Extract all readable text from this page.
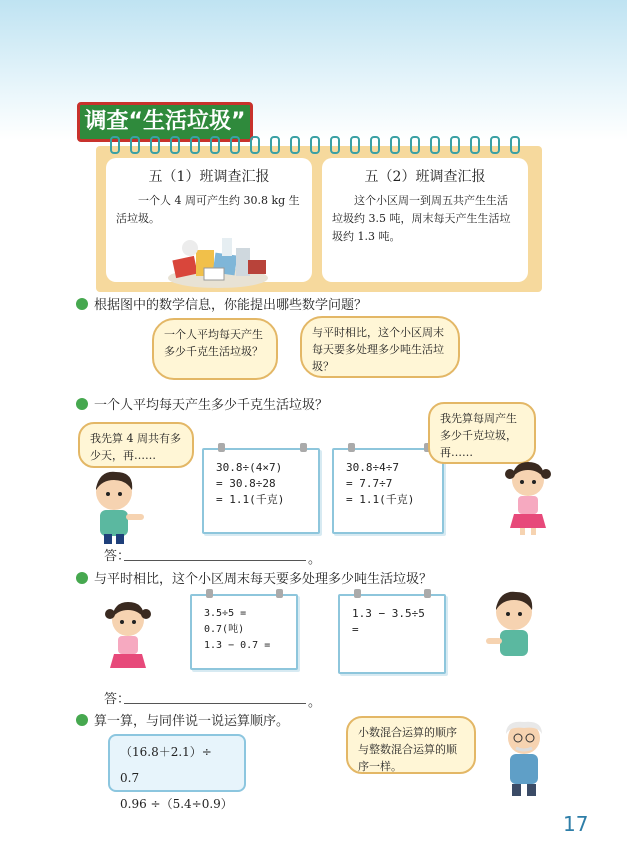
调查“生活垃圾”
五（1）班调查汇报

一个人 4 周可产生约 30.8 kg 生活垃圾。

五（2）班调查汇报

这个小区周一到周五共产生生活垃圾约 3.5 吨，周末每天产生生活垃圾约 1.3 吨。

根据图中的数学信息，你能提出哪些数学问题？
一个人平均每天产生多少千克生活垃圾？
与平时相比，这个小区周末每天要多处理多少吨生活垃圾？
一个人平均每天产生多少千克生活垃圾？
我先算 4 周共有多少天，再……
30.8÷(4×7)
= 30.8÷28
= 1.1(千克)
30.8÷4÷7
= 7.7÷7
= 1.1(千克)
我先算每周产生多少千克垃圾，再……
答：	。
与平时相比，这个小区周末每天要多处理多少吨生活垃圾？
3.5÷5 = 0.7(吨)
1.3 − 0.7 =
1.3 − 3.5÷5
=
答：	。
算一算，与同伴说一说运算顺序。
（16.8＋2.1）÷ 0.7
0.96 ÷（5.4÷0.9）
小数混合运算的顺序与整数混合运算的顺序一样。
17
